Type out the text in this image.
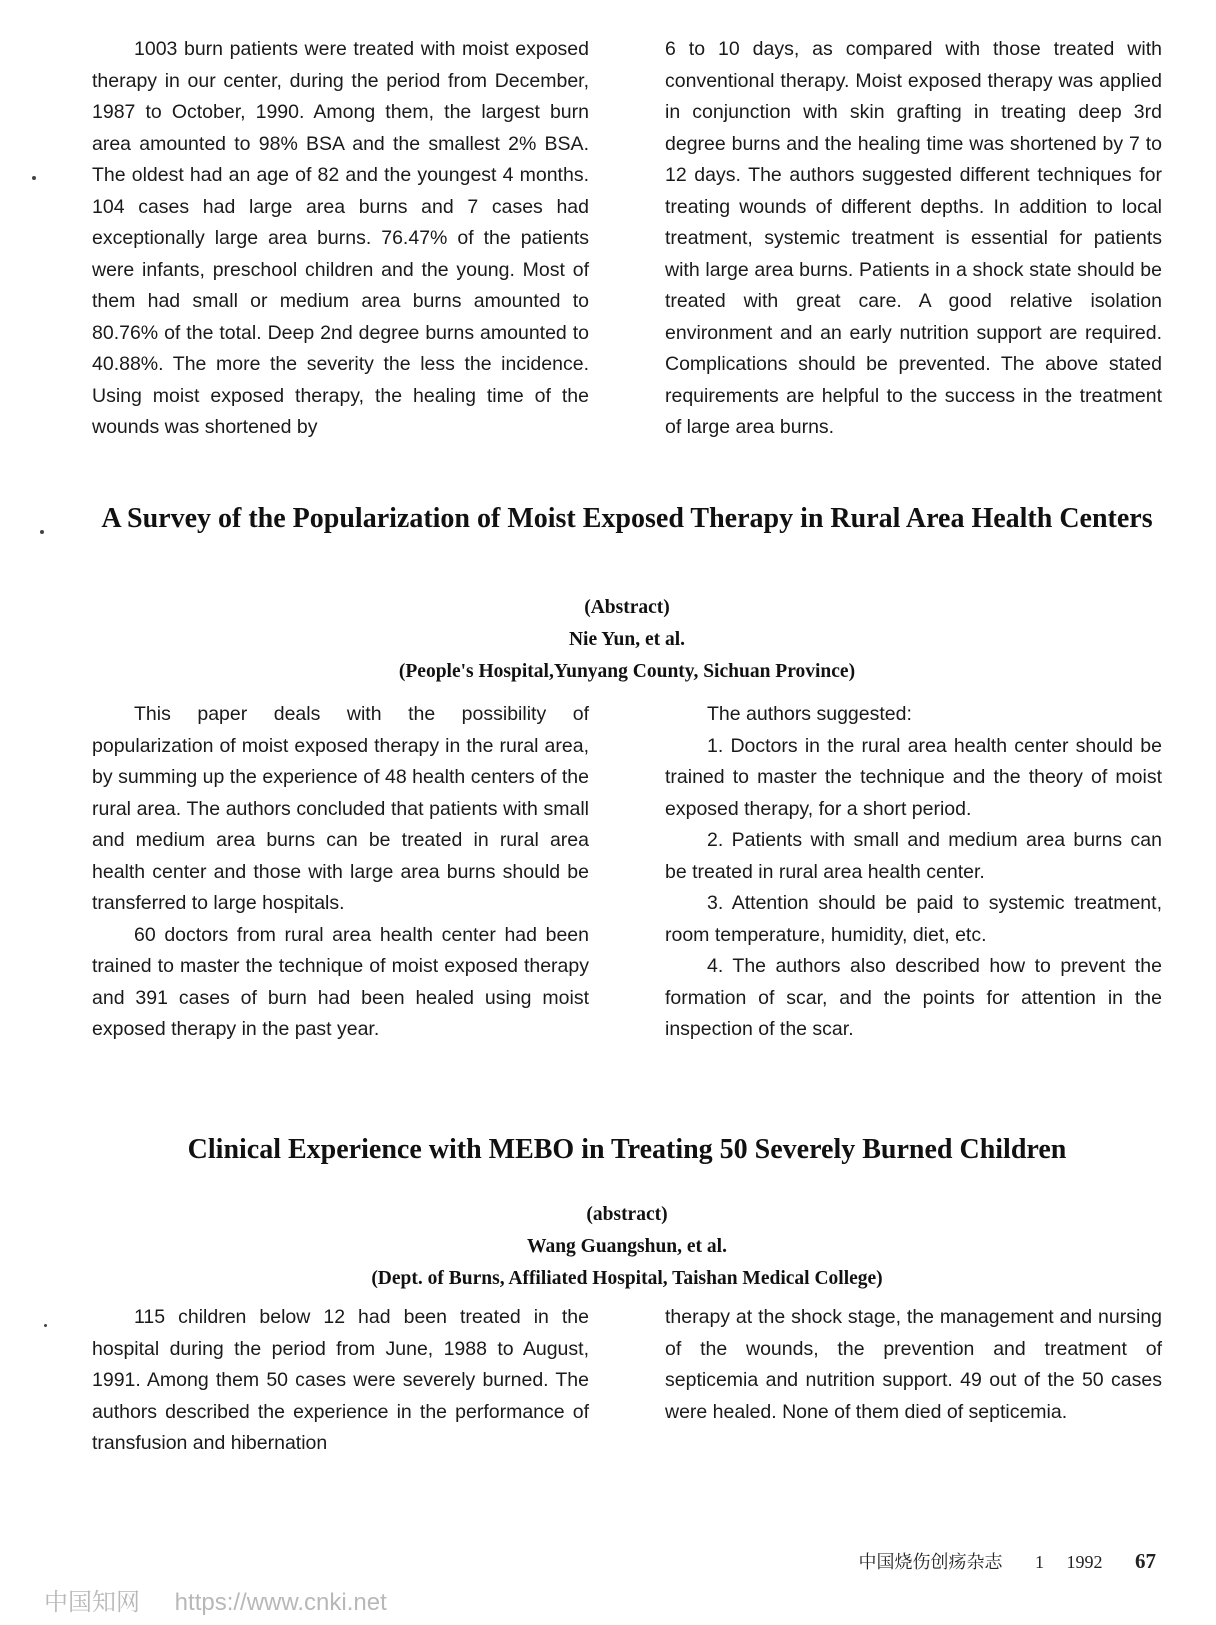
1003 burn patients were treated with moist exposed therapy in our center, during the period from December, 1987 to October, 1990. Among them, the largest burn area amounted to 98% BSA and the smallest 2% BSA. The oldest had an age of 82 and the youngest 4 months. 104 cases had large area burns and 7 cases had exceptionally large area burns. 76.47% of the patients were infants, preschool children and the young. Most of them had small or medium area burns amounted to 80.76% of the total. Deep 2nd degree burns amounted to 40.88%. The more the severity the less the incidence. Using moist exposed therapy, the healing time of the wounds was shortened by

6 to 10 days, as compared with those treated with conventional therapy. Moist exposed therapy was applied in conjunction with skin grafting in treating deep 3rd degree burns and the healing time was shortened by 7 to 12 days. The authors suggested different techniques for treating wounds of different depths. In addition to local treatment, systemic treatment is essential for patients with large area burns. Patients in a shock state should be treated with great care. A good relative isolation environment and an early nutrition support are required. Complications should be prevented. The above stated requirements are helpful to the success in the treatment of large area burns.

A Survey of the Popularization of Moist Exposed Therapy in Rural Area Health Centers
(Abstract)
Nie Yun, et al.
(People's Hospital,Yunyang County, Sichuan Province)

This paper deals with the possibility of popularization of moist exposed therapy in the rural area, by summing up the experience of 48 health centers of the rural area. The authors concluded that patients with small and medium area burns can be treated in rural area health center and those with large area burns should be transferred to large hospitals.

60 doctors from rural area health center had been trained to master the technique of moist exposed therapy and 391 cases of burn had been healed using moist exposed therapy in the past year.

The authors suggested:

1. Doctors in the rural area health center should be trained to master the technique and the theory of moist exposed therapy, for a short period.

2. Patients with small and medium area burns can be treated in rural area health center.

3. Attention should be paid to systemic treatment, room temperature, humidity, diet, etc.

4. The authors also described how to prevent the formation of scar, and the points for attention in the inspection of the scar.

Clinical Experience with MEBO in Treating 50 Severely Burned Children
(abstract)
Wang Guangshun, et al.
(Dept. of Burns, Affiliated Hospital, Taishan Medical College)

115 children below 12 had been treated in the hospital during the period from June, 1988 to August, 1991. Among them 50 cases were severely burned. The authors described the experience in the performance of transfusion and hibernation

therapy at the shock stage, the management and nursing of the wounds, the prevention and treatment of septicemia and nutrition support. 49 out of the 50 cases were healed. None of them died of septicemia.

中国烧伤创疡杂志 1 1992 67
中国知网 https://www.cnki.net
